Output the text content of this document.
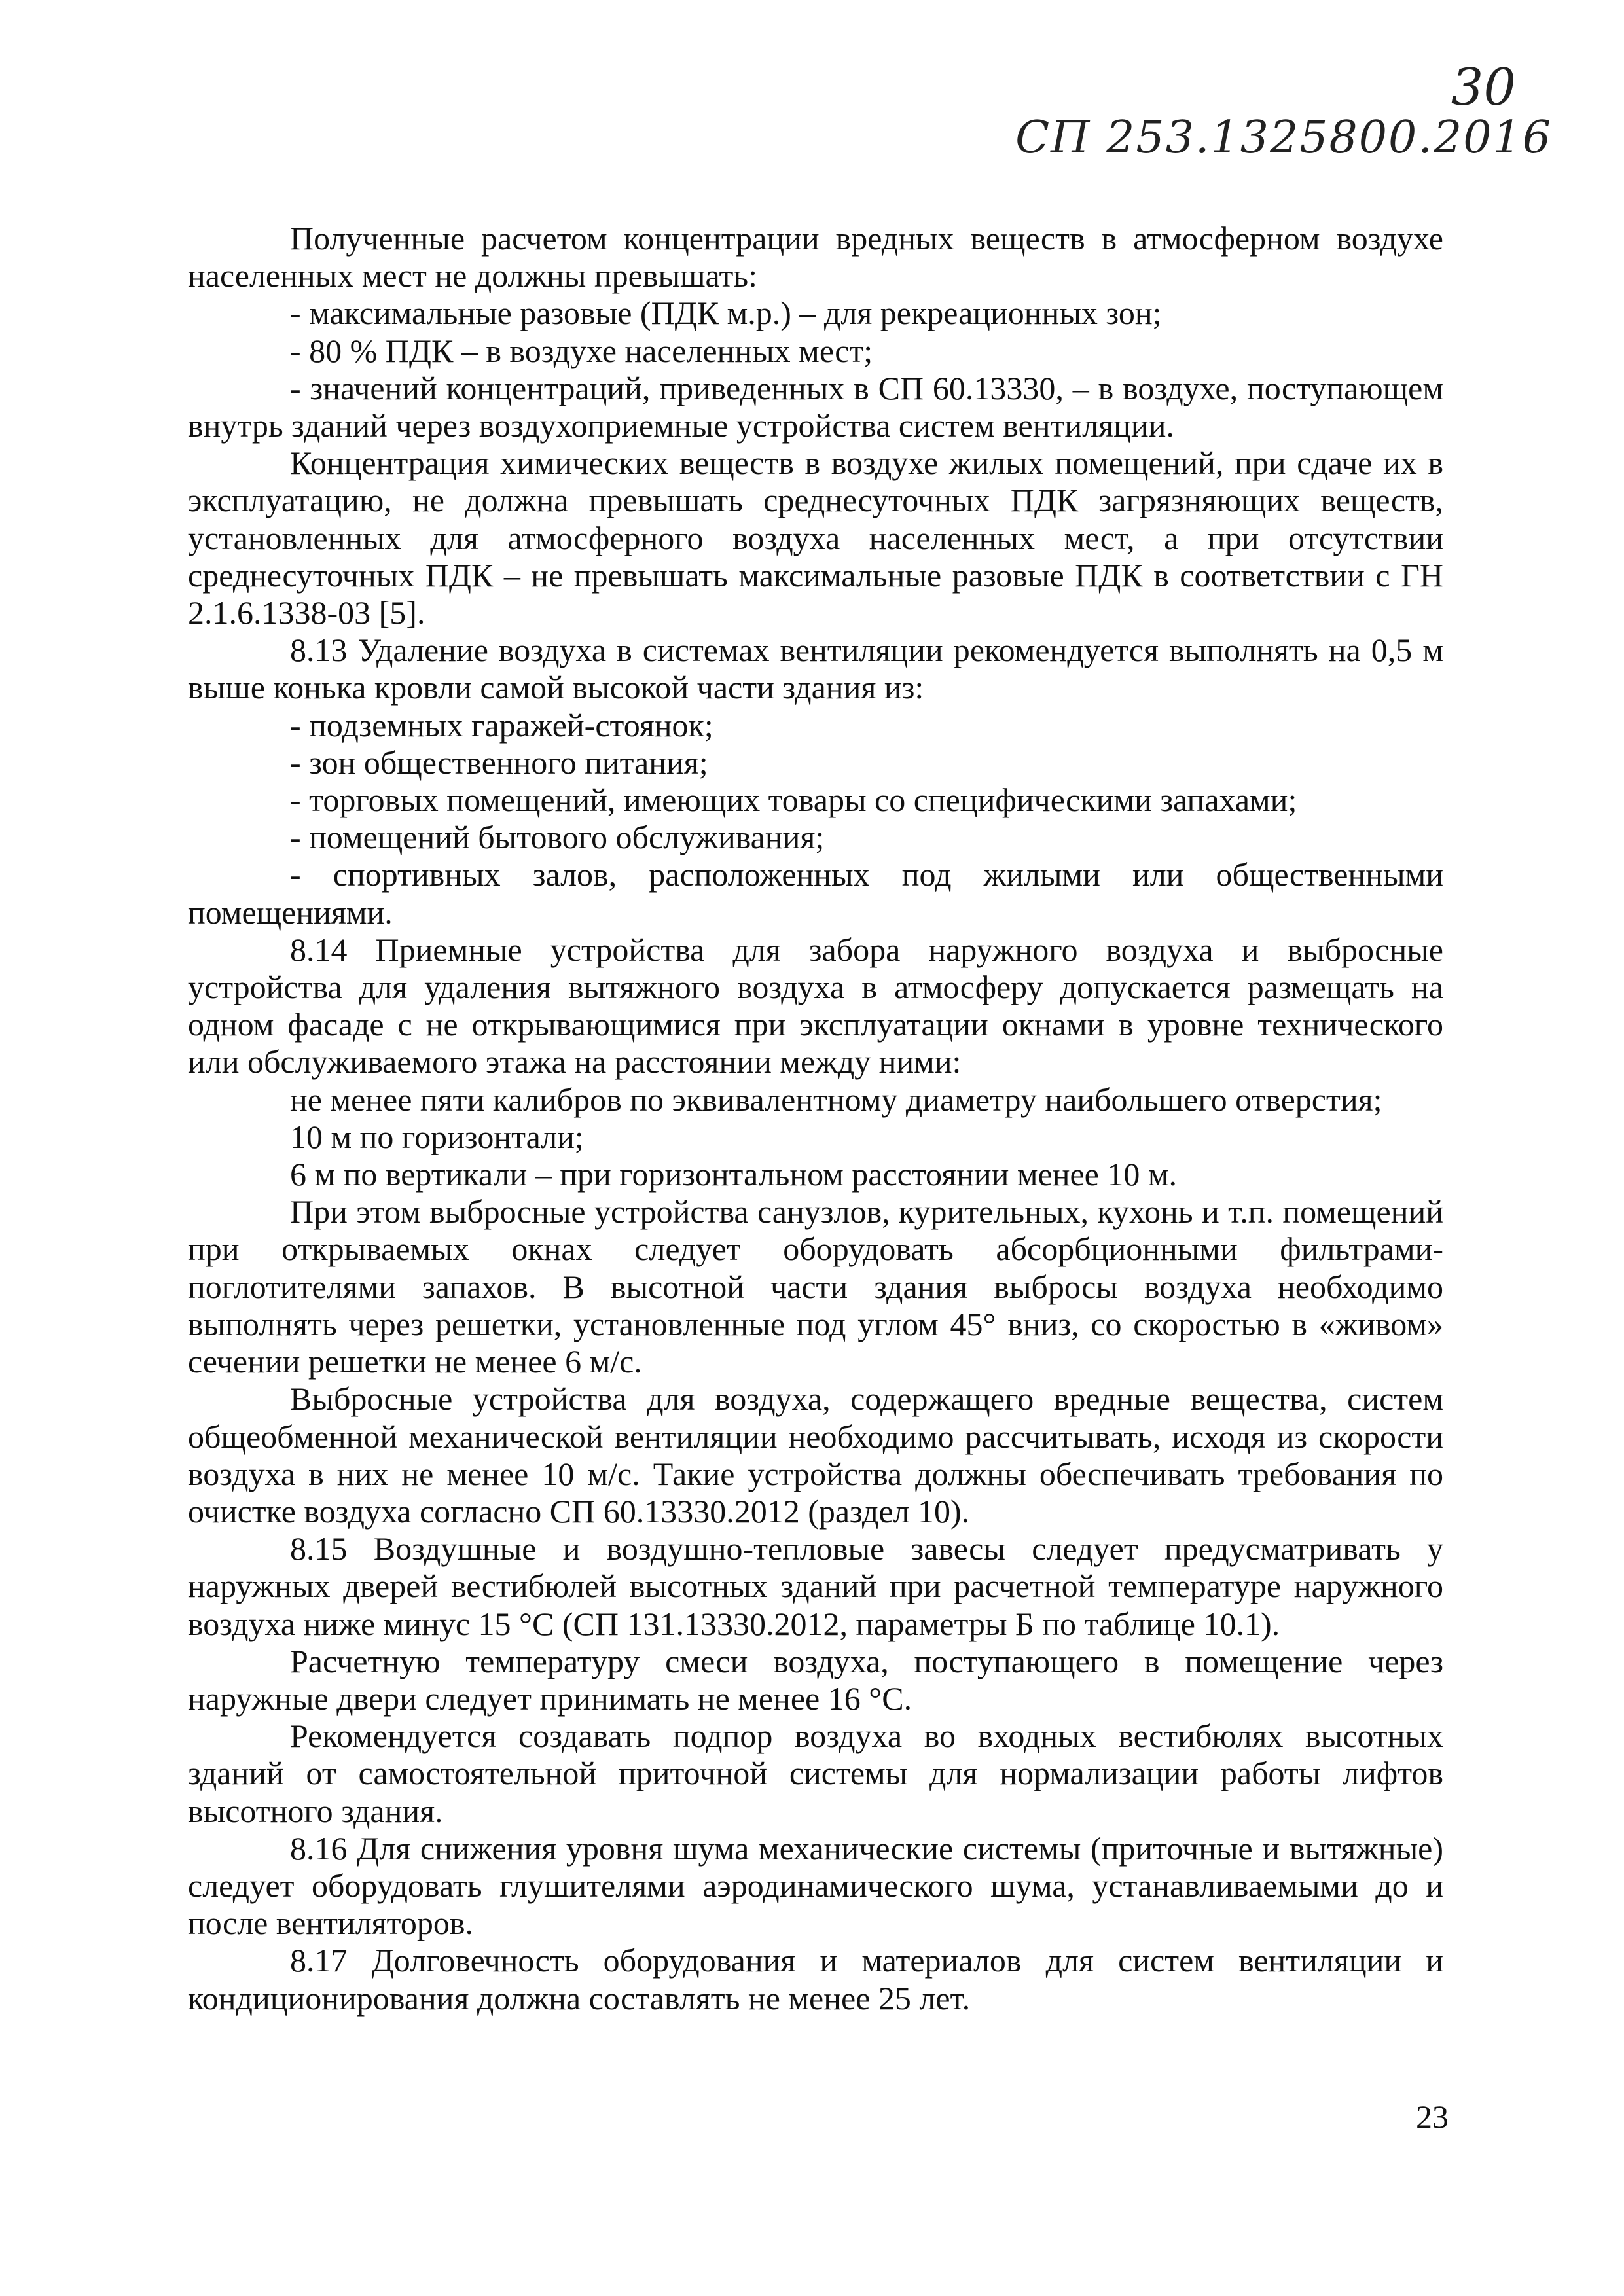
30
СП 253.1325800.2016

Полученные расчетом концентрации вредных веществ в атмосферном воздухе населенных мест не должны превышать:

- максимальные разовые (ПДК м.р.) – для рекреационных зон;

- 80 % ПДК – в воздухе населенных мест;

- значений концентраций, приведенных в СП 60.13330, – в воздухе, поступающем внутрь зданий через воздухоприемные устройства систем вентиляции.

Концентрация химических веществ в воздухе жилых помещений, при сдаче их в эксплуатацию, не должна превышать среднесуточных ПДК загрязняющих веществ, установленных для атмосферного воздуха населенных мест, а при отсутствии среднесуточных ПДК – не превышать максимальные разовые ПДК в соответствии с ГН 2.1.6.1338-03 [5].

8.13 Удаление воздуха в системах вентиляции рекомендуется выполнять на 0,5 м выше конька кровли самой высокой части здания из:

- подземных гаражей-стоянок;

- зон общественного питания;

- торговых помещений, имеющих товары со специфическими запахами;

- помещений бытового обслуживания;

- спортивных залов, расположенных под жилыми или общественными помещениями.

8.14 Приемные устройства для забора наружного воздуха и выбросные устройства для удаления вытяжного воздуха в атмосферу допускается размещать на одном фасаде с не открывающимися при эксплуатации окнами в уровне технического или обслуживаемого этажа на расстоянии между ними:

не менее пяти калибров по эквивалентному диаметру наибольшего отверстия;

10 м по горизонтали;

6 м по вертикали – при горизонтальном расстоянии менее 10 м.

При этом выбросные устройства санузлов, курительных, кухонь и т.п. помещений при открываемых окнах следует оборудовать абсорбционными фильтрами-поглотителями запахов. В высотной части здания выбросы воздуха необходимо выполнять через решетки, установленные под углом 45° вниз, со скоростью в «живом» сечении решетки не менее 6 м/с.

Выбросные устройства для воздуха, содержащего вредные вещества, систем общеобменной механической вентиляции необходимо рассчитывать, исходя из скорости воздуха в них не менее 10 м/с. Такие устройства должны обеспечивать требования по очистке воздуха согласно СП 60.13330.2012 (раздел 10).

8.15 Воздушные и воздушно-тепловые завесы следует предусматривать у наружных дверей вестибюлей высотных зданий при расчетной температуре наружного воздуха ниже минус 15 °С (СП 131.13330.2012, параметры Б по таблице 10.1).

Расчетную температуру смеси воздуха, поступающего в помещение через наружные двери следует принимать не менее 16 °С.

Рекомендуется создавать подпор воздуха во входных вестибюлях высотных зданий от самостоятельной приточной системы для нормализации работы лифтов высотного здания.

8.16 Для снижения уровня шума механические системы (приточные и вытяжные) следует оборудовать глушителями аэродинамического шума, устанавливаемыми до и после вентиляторов.

8.17 Долговечность оборудования и материалов для систем вентиляции и кондиционирования должна составлять не менее 25 лет.

23
